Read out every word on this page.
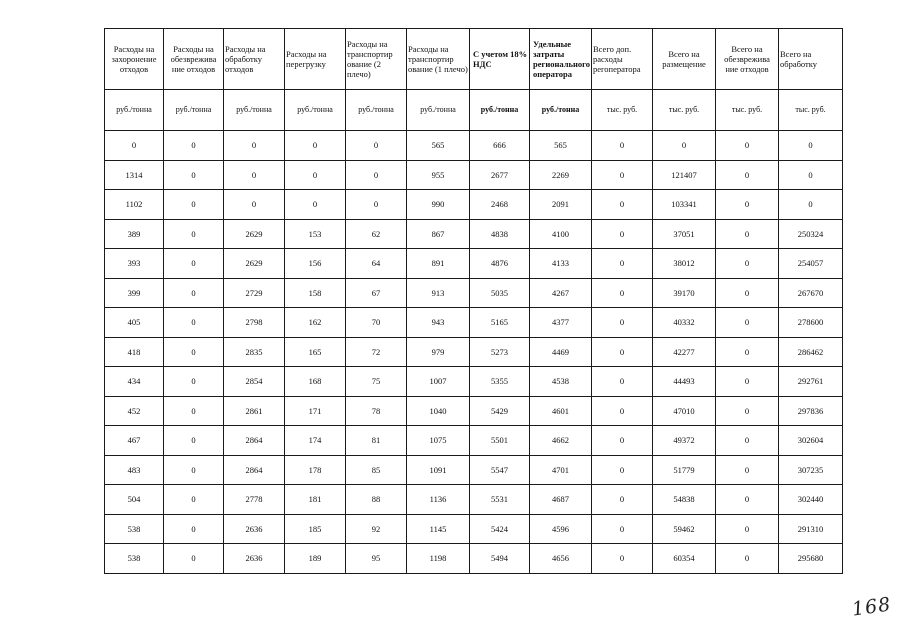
Расходы на захоронение отходов	Расходы на обезврежива ние отходов	Расходы на обработку отходов	Расходы на перегрузку	Расходы на транспортир ование (2 плечо)	Расходы на транспортир ование (1 плечо)	С учетом 18% НДС	Удельные затраты регионального оператора	Всего доп. расходы регоператора	Всего на размещение	Всего на обезврежива ние отходов	Всего на обработку
руб./тонна	руб./тонна	руб./тонна	руб./тонна	руб./тонна	руб./тонна	руб./тонна	руб./тонна	тыс. руб.	тыс. руб.	тыс. руб.	тыс. руб.
0	0	0	0	0	565	666	565	0	0	0	0
1314	0	0	0	0	955	2677	2269	0	121407	0	0
1102	0	0	0	0	990	2468	2091	0	103341	0	0
389	0	2629	153	62	867	4838	4100	0	37051	0	250324
393	0	2629	156	64	891	4876	4133	0	38012	0	254057
399	0	2729	158	67	913	5035	4267	0	39170	0	267670
405	0	2798	162	70	943	5165	4377	0	40332	0	278600
418	0	2835	165	72	979	5273	4469	0	42277	0	286462
434	0	2854	168	75	1007	5355	4538	0	44493	0	292761
452	0	2861	171	78	1040	5429	4601	0	47010	0	297836
467	0	2864	174	81	1075	5501	4662	0	49372	0	302604
483	0	2864	178	85	1091	5547	4701	0	51779	0	307235
504	0	2778	181	88	1136	5531	4687	0	54838	0	302440
538	0	2636	185	92	1145	5424	4596	0	59462	0	291310
538	0	2636	189	95	1198	5494	4656	0	60354	0	295680
168
